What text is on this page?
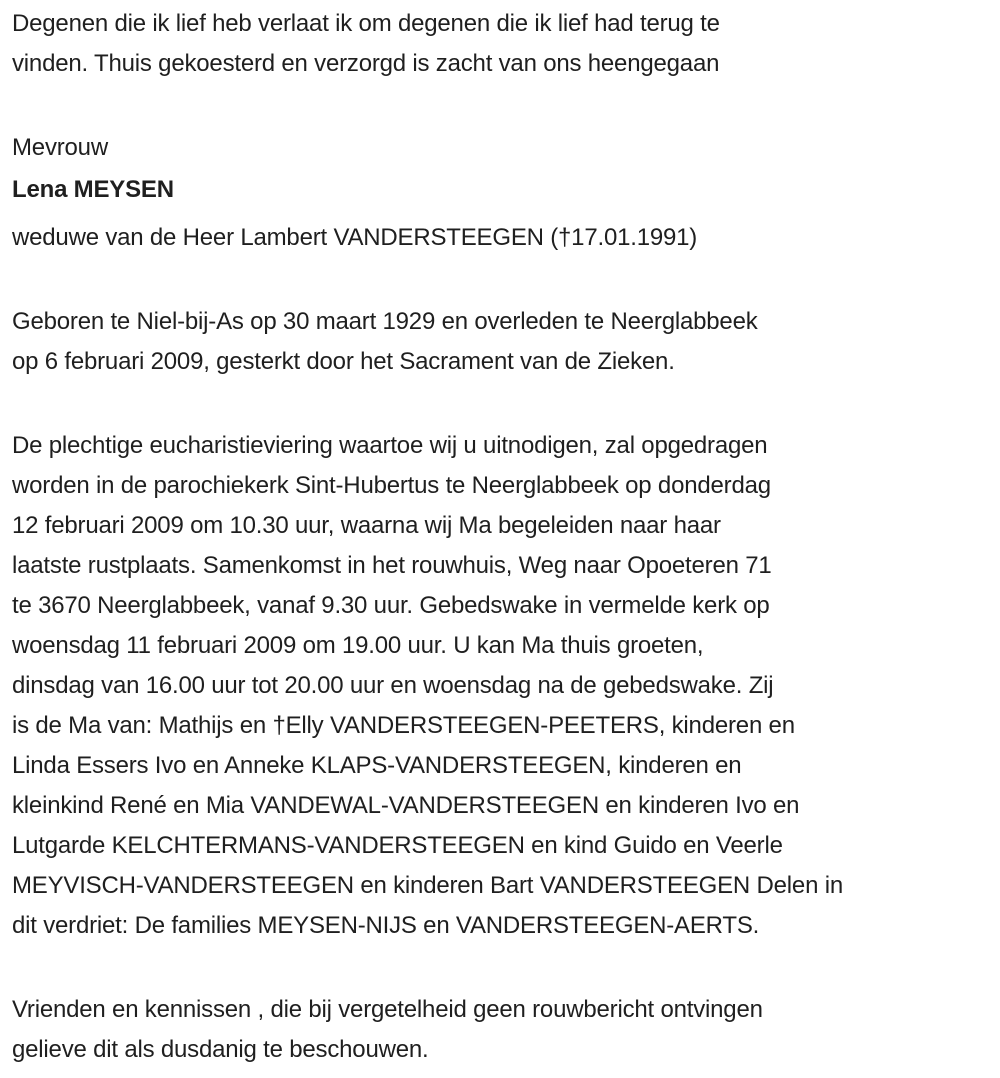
Degenen die ik lief heb verlaat ik om degenen die ik lief had terug te
vinden. Thuis gekoesterd en verzorgd is zacht van ons heengegaan
Mevrouw
Lena MEYSEN
weduwe van de Heer Lambert VANDERSTEEGEN (†17.01.1991)
Geboren te Niel-bij-As op 30 maart 1929 en overleden te Neerglabbeek
op 6 februari 2009, gesterkt door het Sacrament van de Zieken.
De plechtige eucharistieviering waartoe wij u uitnodigen, zal opgedragen
worden in de parochiekerk Sint-Hubertus te Neerglabbeek op donderdag
12 februari 2009 om 10.30 uur, waarna wij Ma begeleiden naar haar
laatste rustplaats. Samenkomst in het rouwhuis, Weg naar Opoeteren 71
te 3670 Neerglabbeek, vanaf 9.30 uur. Gebedswake in vermelde kerk op
woensdag 11 februari 2009 om 19.00 uur. U kan Ma thuis groeten,
dinsdag van 16.00 uur tot 20.00 uur en woensdag na de gebedswake. Zij
is de Ma van: Mathijs en †Elly VANDERSTEEGEN-PEETERS, kinderen en
Linda Essers Ivo en Anneke KLAPS-VANDERSTEEGEN, kinderen en
kleinkind René en Mia VANDEWAL-VANDERSTEEGEN en kinderen Ivo en
Lutgarde KELCHTERMANS-VANDERSTEEGEN en kind Guido en Veerle
MEYVISCH-VANDERSTEEGEN en kinderen Bart VANDERSTEEGEN Delen in
dit verdriet: De families MEYSEN-NIJS en VANDERSTEEGEN-AERTS.
Vrienden en kennissen , die bij vergetelheid geen rouwbericht ontvingen
gelieve dit als dusdanig te beschouwen.
